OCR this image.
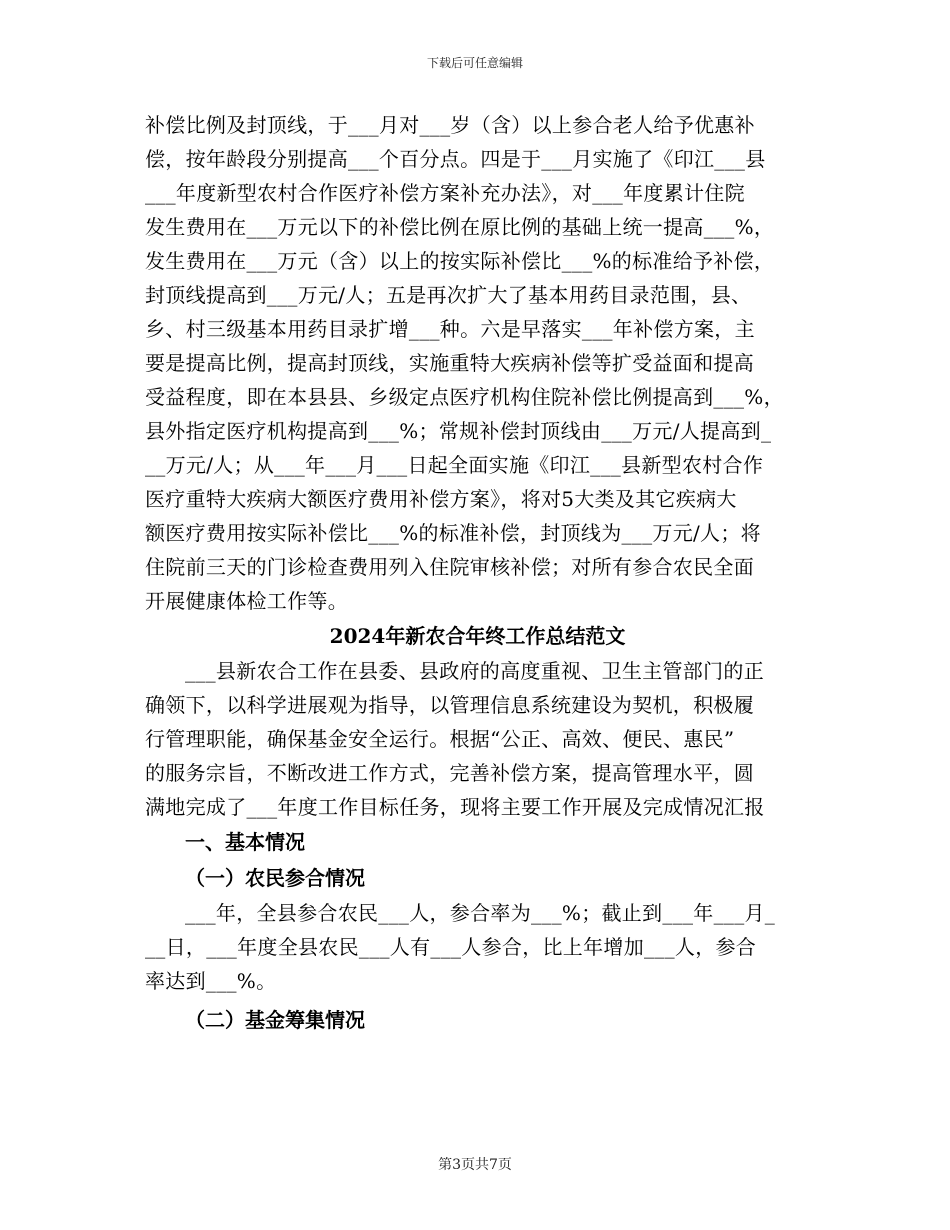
下载后可任意编辑
补偿比例及封顶线，于___月对___岁（含）以上参合老人给予优惠补
偿，按年龄段分别提高___个百分点。四是于___月实施了《印江___县
___年度新型农村合作医疗补偿方案补充办法》，对___年度累计住院
发生费用在___万元以下的补偿比例在原比例的基础上统一提高___%，
发生费用在___万元（含）以上的按实际补偿比___%的标准给予补偿，
封顶线提高到___万元/人；五是再次扩大了基本用药目录范围，县、
乡、村三级基本用药目录扩增___种。六是早落实___年补偿方案，主
要是提高比例，提高封顶线，实施重特大疾病补偿等扩受益面和提高
受益程度，即在本县县、乡级定点医疗机构住院补偿比例提高到___%，
县外指定医疗机构提高到___%；常规补偿封顶线由___万元/人提高到_
__万元/人；从___年___月___日起全面实施《印江___县新型农村合作
医疗重特大疾病大额医疗费用补偿方案》，将对5大类及其它疾病大
额医疗费用按实际补偿比___%的标准补偿，封顶线为___万元/人；将
住院前三天的门诊检查费用列入住院审核补偿；对所有参合农民全面
开展健康体检工作等。
2024年新农合年终工作总结范文
___县新农合工作在县委、县政府的高度重视、卫生主管部门的正
确领下，以科学进展观为指导，以管理信息系统建设为契机，积极履
行管理职能，确保基金安全运行。根据“公正、高效、便民、惠民”
的服务宗旨，不断改进工作方式，完善补偿方案，提高管理水平，圆
满地完成了___年度工作目标任务，现将主要工作开展及完成情况汇报
一、基本情况
（一）农民参合情况
___年，全县参合农民___人，参合率为___%；截止到___年___月_
__日，___年度全县农民___人有___人参合，比上年增加___人，参合
率达到___%。
（二）基金筹集情况
第3页共7页
